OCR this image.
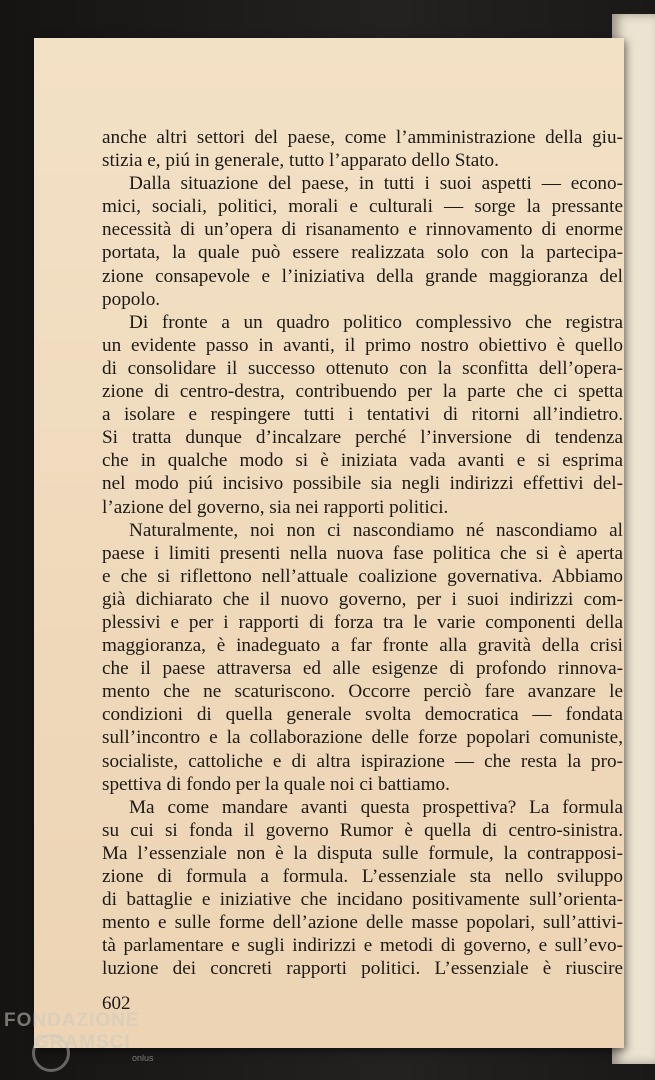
anche altri settori del paese, come l’amministrazione della giu-
stizia e, piú in generale, tutto l’apparato dello Stato.
Dalla situazione del paese, in tutti i suoi aspetti — econo-
mici, sociali, politici, morali e culturali — sorge la pressante
necessità di un’opera di risanamento e rinnovamento di enorme
portata, la quale può essere realizzata solo con la partecipa-
zione consapevole e l’iniziativa della grande maggioranza del
popolo.
Di fronte a un quadro politico complessivo che registra
un evidente passo in avanti, il primo nostro obiettivo è quello
di consolidare il successo ottenuto con la sconfitta dell’opera-
zione di centro-destra, contribuendo per la parte che ci spetta
a isolare e respingere tutti i tentativi di ritorni all’indietro.
Si tratta dunque d’incalzare perché l’inversione di tendenza
che in qualche modo si è iniziata vada avanti e si esprima
nel modo piú incisivo possibile sia negli indirizzi effettivi del-
l’azione del governo, sia nei rapporti politici.
Naturalmente, noi non ci nascondiamo né nascondiamo al
paese i limiti presenti nella nuova fase politica che si è aperta
e che si riflettono nell’attuale coalizione governativa. Abbiamo
già dichiarato che il nuovo governo, per i suoi indirizzi com-
plessivi e per i rapporti di forza tra le varie componenti della
maggioranza, è inadeguato a far fronte alla gravità della crisi
che il paese attraversa ed alle esigenze di profondo rinnova-
mento che ne scaturiscono. Occorre perciò fare avanzare le
condizioni di quella generale svolta democratica — fondata
sull’incontro e la collaborazione delle forze popolari comuniste,
socialiste, cattoliche e di altra ispirazione — che resta la pro-
spettiva di fondo per la quale noi ci battiamo.
Ma come mandare avanti questa prospettiva? La formula
su cui si fonda il governo Rumor è quella di centro-sinistra.
Ma l’essenziale non è la disputa sulle formule, la contrapposi-
zione di formula a formula. L’essenziale sta nello sviluppo
di battaglie e iniziative che incidano positivamente sull’orienta-
mento e sulle forme dell’azione delle masse popolari, sull’attivi-
tà parlamentare e sugli indirizzi e metodi di governo, e sull’evo-
luzione dei concreti rapporti politici. L’essenziale è riuscire
602
FONDAZIONE
GRAMSCI
onlus
